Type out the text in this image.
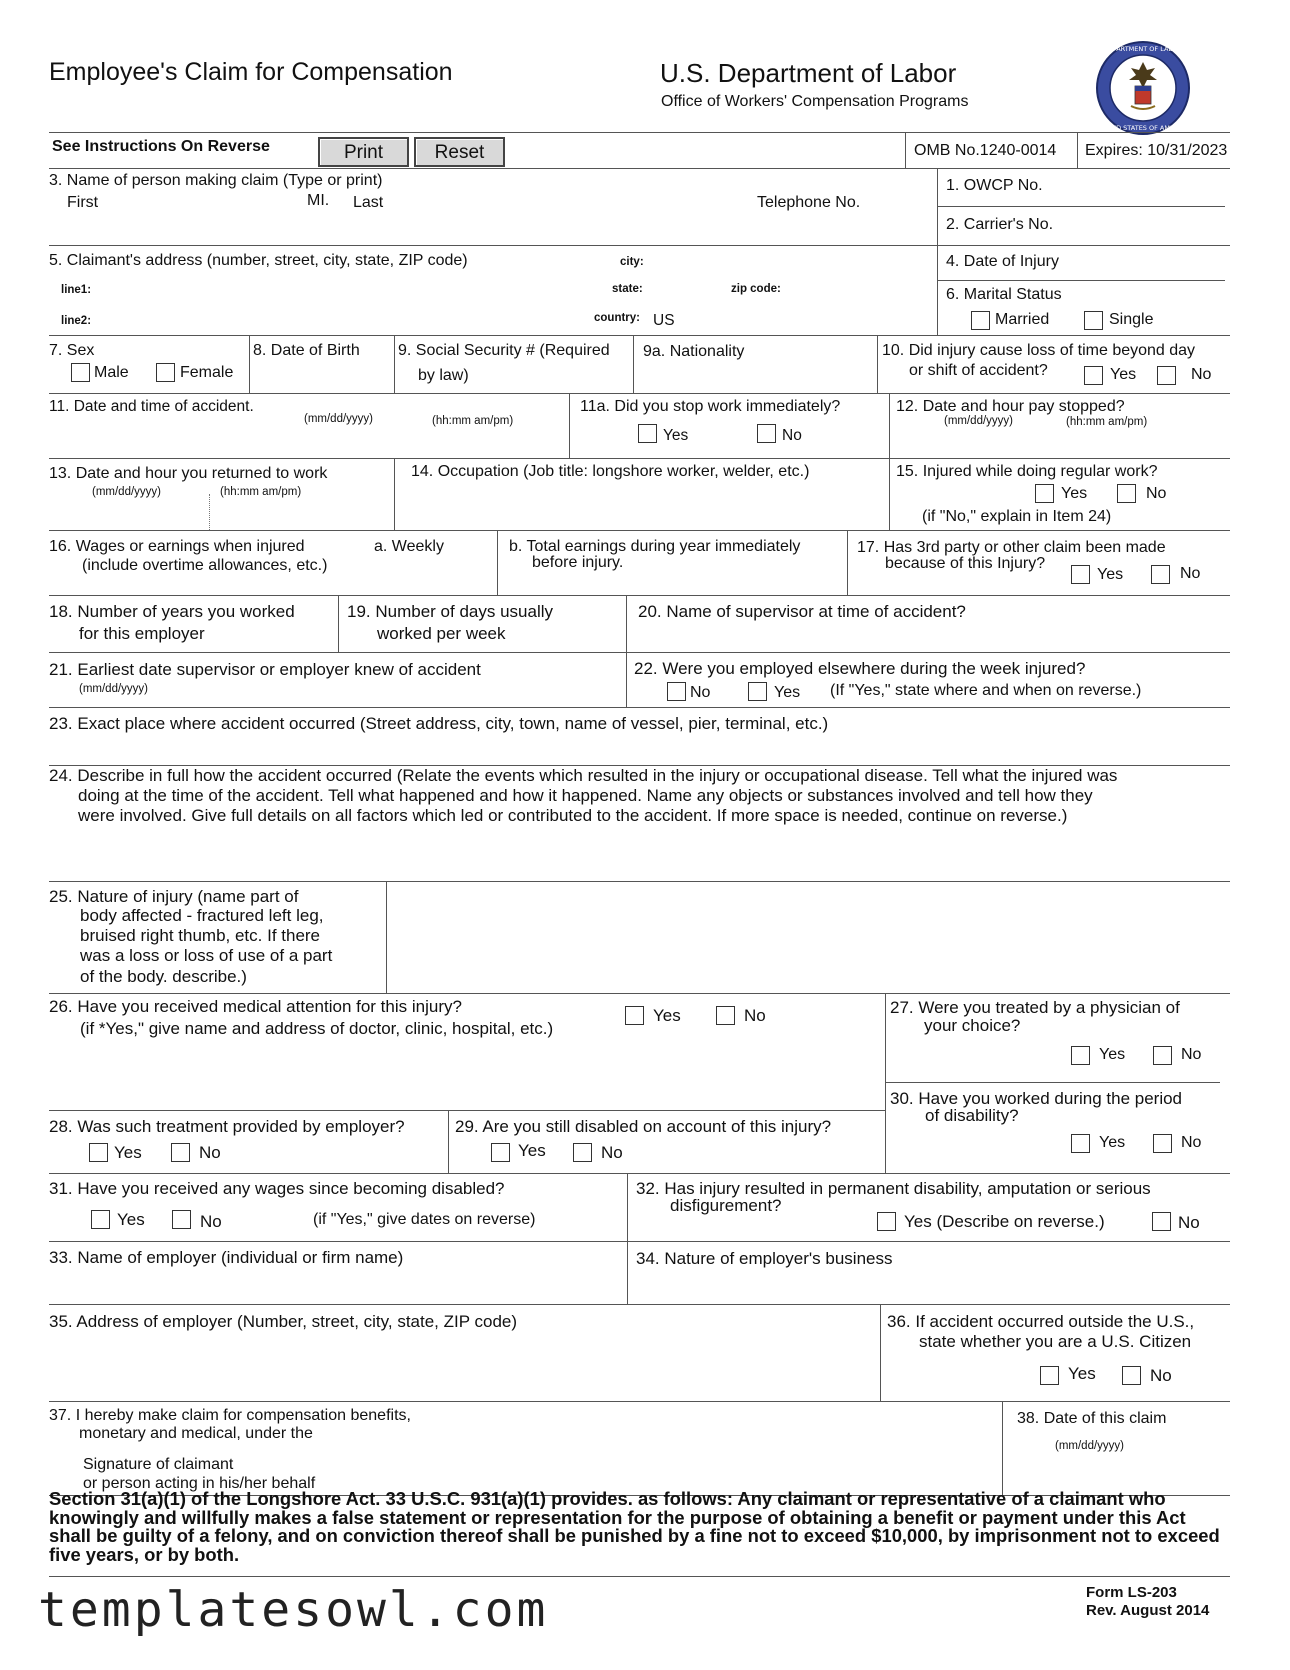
Employee's Claim for Compensation	U.S. Department of Labor
Office of Workers' Compensation Programs
DEPARTMENT OF LABOR
UNITED STATES OF AMERICA
See Instructions On Reverse	Print	Reset	OMB No.1240-0014 Expires: 10/31/2023
3. Name of person making claim (Type or print)
First	MI. Last	Telephone No.
1. OWCP No.
2. Carrier's No.
5. Claimant's address (number, street, city, state, ZIP code)
line1:
line2:
city:
state:	zip code:
country: US
4. Date of Injury
6. Marital Status
Married	Single
7. Sex
Male	Female
8. Date of Birth 9. Social Security # (Required
by law)
9a. Nationality	10. Did injury cause loss of time beyond day
or shift of accident?	Yes	No
11. Date and time of accident.
(mm/dd/yyyy)	(hh:mm am/pm)
11a. Did you stop work immediately?
Yes	No
12. Date and hour pay stopped?
(mm/dd/yyyy)	(hh:mm am/pm)
13. Date and hour you returned to work
(mm/dd/yyyy)	(hh:mm am/pm)
14. Occupation (Job title: longshore worker, welder, etc.)	15. Injured while doing regular work?
Yes	No
(if "No," explain in Item 24)
16. Wages or earnings when injured
(include overtime allowances, etc.)
a. Weekly	b. Total earnings during year immediately
before injury.
17. Has 3rd party or other claim been made
because of this Injury?
Yes	No
18. Number of years you worked
for this employer
19. Number of days usually
worked per week
20. Name of supervisor at time of accident?
21. Earliest date supervisor or employer knew of accident
(mm/dd/yyyy)
22. Were you employed elsewhere during the week injured?
No	Yes (If "Yes," state where and when on reverse.)
23. Exact place where accident occurred (Street address, city, town, name of vessel, pier, terminal, etc.)
24. Describe in full how the accident occurred (Relate the events which resulted in the injury or occupational disease. Tell what the injured was
doing at the time of the accident. Tell what happened and how it happened. Name any objects or substances involved and tell how they
were involved. Give full details on all factors which led or contributed to the accident. If more space is needed, continue on reverse.)
25. Nature of injury (name part of
body affected - fractured left leg,
bruised right thumb, etc. If there
was a loss or loss of use of a part
of the body. describe.)
26. Have you received medical attention for this injury?
(if *Yes," give name and address of doctor, clinic, hospital, etc.)
Yes	No	27. Were you treated by a physician of
your choice?
Yes	No
28. Was such treatment provided by employer?
Yes	No
29. Are you still disabled on account of this injury?
Yes	No
30. Have you worked during the period
of disability?
Yes	No
31. Have you received any wages since becoming disabled?
Yes	No	(if "Yes," give dates on reverse)
32. Has injury resulted in permanent disability, amputation or serious
disfigurement?
Yes (Describe on reverse.)	No
33. Name of employer (individual or firm name)	34. Nature of employer's business
35. Address of employer (Number, street, city, state, ZIP code)	36. If accident occurred outside the U.S.,
state whether you are a U.S. Citizen
Yes	No
37. I hereby make claim for compensation benefits,
monetary and medical, under the
Signature of claimant
or person acting in his/her behalf
38. Date of this claim
(mm/dd/yyyy)
Section 31(a)(1) of the Longshore Act. 33 U.S.C. 931(a)(1) provides. as follows: Any claimant or representative of a claimant who knowingly and willfully makes a false statement or representation for the purpose of obtaining a benefit or payment under this Act shall be guilty of a felony, and on conviction thereof shall be punished by a fine not to exceed $10,000, by imprisonment not to exceed five years, or by both.
Form LS-203
Rev. August 2014
templatesowl.com
